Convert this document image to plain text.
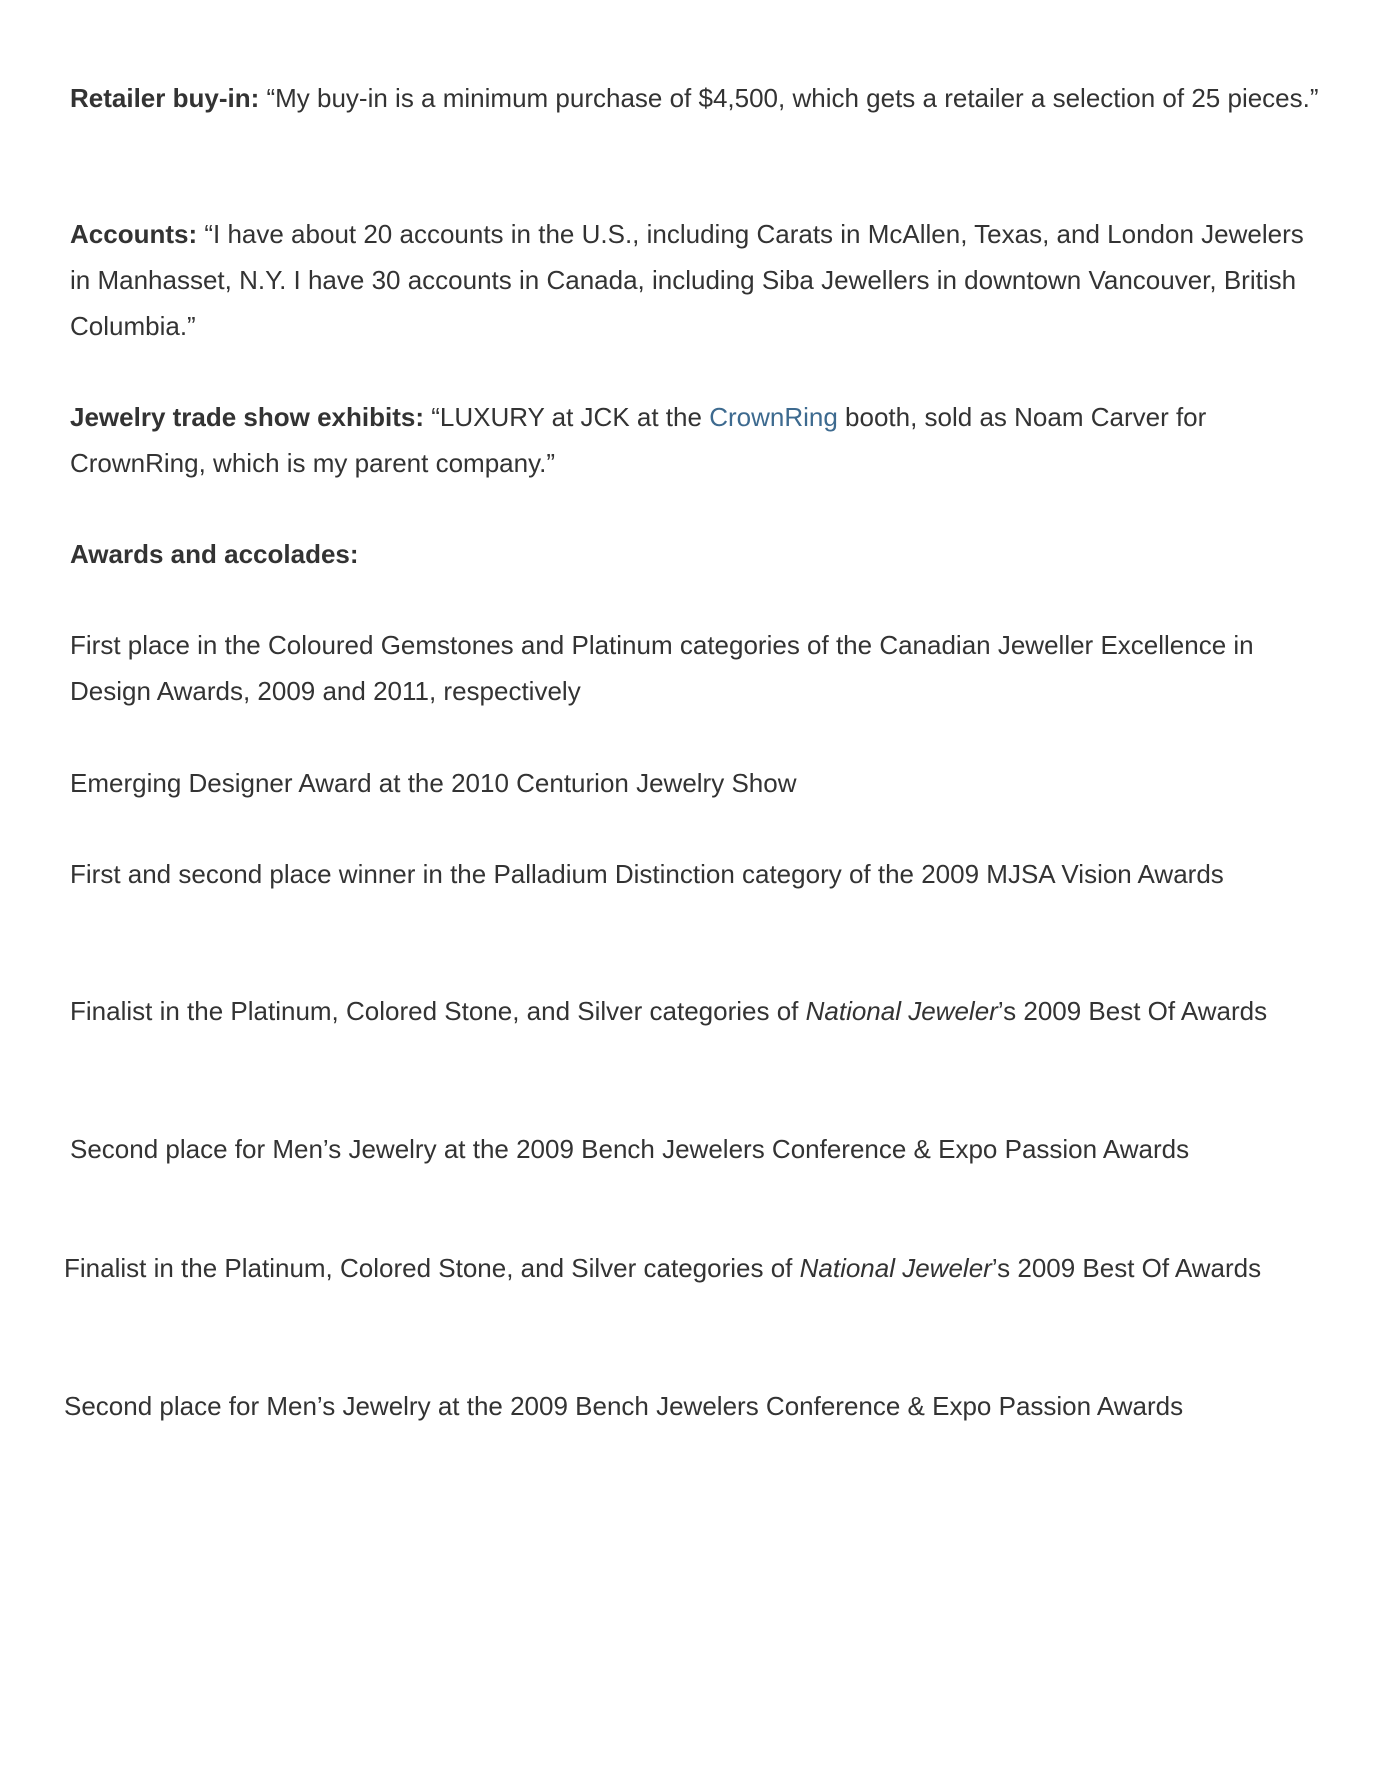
Retailer buy-in: “My buy-in is a minimum purchase of $4,500, which gets a retailer a selection of 25 pieces.”

Accounts: “I have about 20 accounts in the U.S., including Carats in McAllen, Texas, and London Jewelers in Manhasset, N.Y. I have 30 accounts in Canada, including Siba Jewellers in downtown Vancouver, British Columbia.”

Jewelry trade show exhibits: “LUXURY at JCK at the CrownRing booth, sold as Noam Carver for CrownRing, which is my parent company.”

Awards and accolades:

First place in the Coloured Gemstones and Platinum categories of the Canadian Jeweller Excellence in Design Awards, 2009 and 2011, respectively

Emerging Designer Award at the 2010 Centurion Jewelry Show

First and second place winner in the Palladium Distinction category of the 2009 MJSA Vision Awards

Finalist in the Platinum, Colored Stone, and Silver categories of National Jeweler’s 2009 Best Of Awards

Second place for Men’s Jewelry at the 2009 Bench Jewelers Conference & Expo Passion Awards

Finalist in the Platinum, Colored Stone, and Silver categories of National Jeweler’s 2009 Best Of Awards

Second place for Men’s Jewelry at the 2009 Bench Jewelers Conference & Expo Passion Awards
